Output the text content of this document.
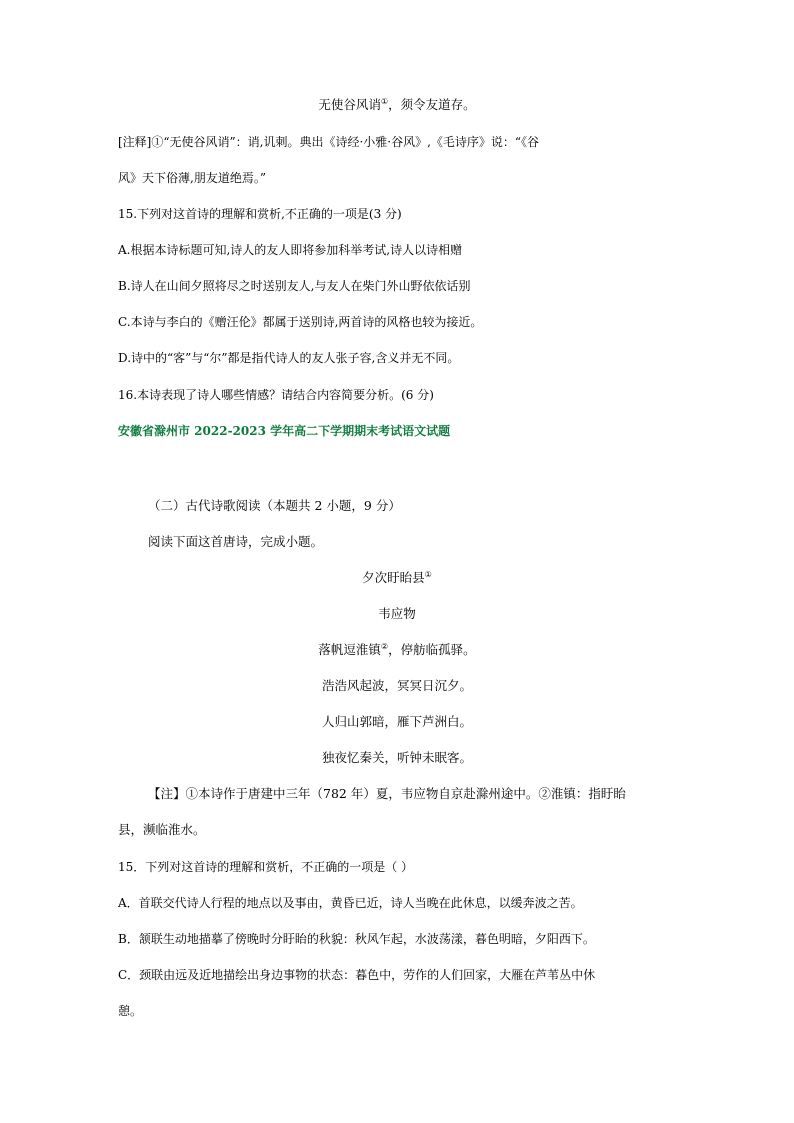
无使谷风诮①，须令友道存。
[注释]①“无使谷风诮”：诮,讥刺。典出《诗经·小雅·谷风》,《毛诗序》说：“《谷
风》天下俗薄,朋友道绝焉。”
15.下列对这首诗的理解和赏析,不正确的一项是(3 分)
A.根据本诗标题可知,诗人的友人即将参加科举考试,诗人以诗相赠
B.诗人在山间夕照将尽之时送别友人,与友人在柴门外山野依依话别
C.本诗与李白的《赠汪伦》都属于送别诗,两首诗的风格也较为接近。
D.诗中的“客”与“尔”都是指代诗人的友人张子容,含义并无不同。
16.本诗表现了诗人哪些情感？请结合内容简要分析。(6 分)
安徽省滁州市 2022-2023 学年高二下学期期末考试语文试题
（二）古代诗歌阅读（本题共 2 小题，9 分）
阅读下面这首唐诗，完成小题。
夕次盱眙县①
韦应物
落帆逗淮镇②，停舫临孤驿。
浩浩风起波，冥冥日沉夕。
人归山郭暗，雁下芦洲白。
独夜忆秦关，听钟未眠客。
【注】①本诗作于唐建中三年（782 年）夏，韦应物自京赴滁州途中。②淮镇：指盱眙
县，濒临淮水。
15．下列对这首诗的理解和赏析，不正确的一项是（ ）
A．首联交代诗人行程的地点以及事由，黄昏已近，诗人当晚在此休息，以缓奔波之苦。
B．颔联生动地描摹了傍晚时分盱眙的秋貌：秋风乍起，水波荡漾，暮色明暗，夕阳西下。
C．颈联由远及近地描绘出身边事物的状态：暮色中，劳作的人们回家，大雁在芦苇丛中休
憩。
